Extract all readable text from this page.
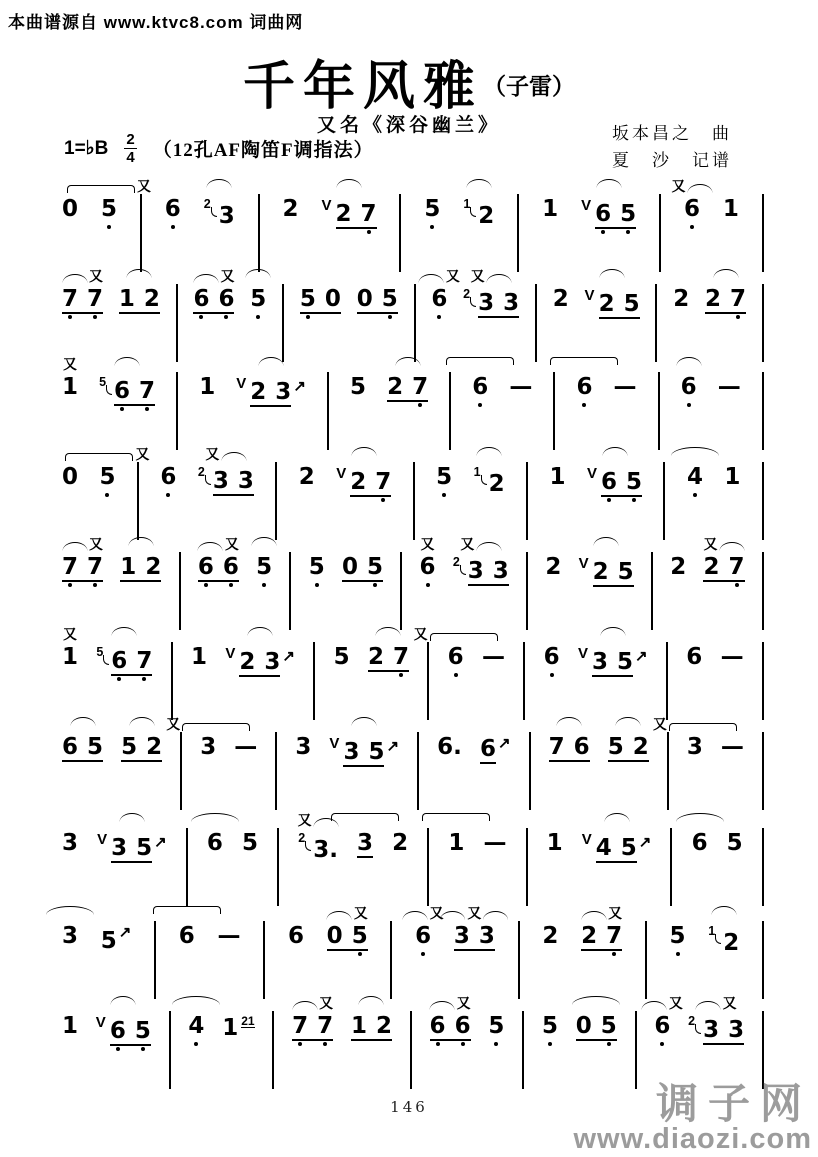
本曲谱源自 www.ktvc8.com 词曲网
千年风雅（子雷）
又名《深谷幽兰》
1=♭B $\frac{2}{4} (12$孔AF陶笛F调指法）
坂本昌之　曲
夏　沙　记谱
0
又
5 6 2 3 2 V 2 7 5 1 2 1 V 6 5
又
6 1
又
7 7 1 2
又
6 6 5 5 0 0 5
又
6
又
2 3 3 2 V 2 5 2 2 7
又
1 5 6 7 1 V 2 3 ↗ 5 2 7 6 — 6 — 6 —
0
又
5 6
又
2 3 3 2 V 2 7 5 1 2 1 V 6 5 4 1
又
7 7 1 2
又
6 6 5 5 0 5
又
6
又
2 3 3 2 V 2 5 2
又
2 7
又
1 5 6 7 1 V 2 3 ↗ 5 2 7
又
6 — 6 V 3 5 ↗ 6 —
6 5 5 2
又
3 — 3 V 3 5 ↗ 6. 6 ↗ 7 6 5 2
又
3 —
3 V 3 5 ↗ 6 5
又
2 3. 3 2 1 — 1 V 4 5 ↗ 6 5
3 5 ↗ 6 — 6
又
0 5
又
6
又
3 3 2
又
2 7 5 1 2
1 V 6 5 4 1 21
又
7 7 1 2
又
6 6 5 5 0 5
又
6
又
2 3 3
146	调子网
www.diaozi.com
